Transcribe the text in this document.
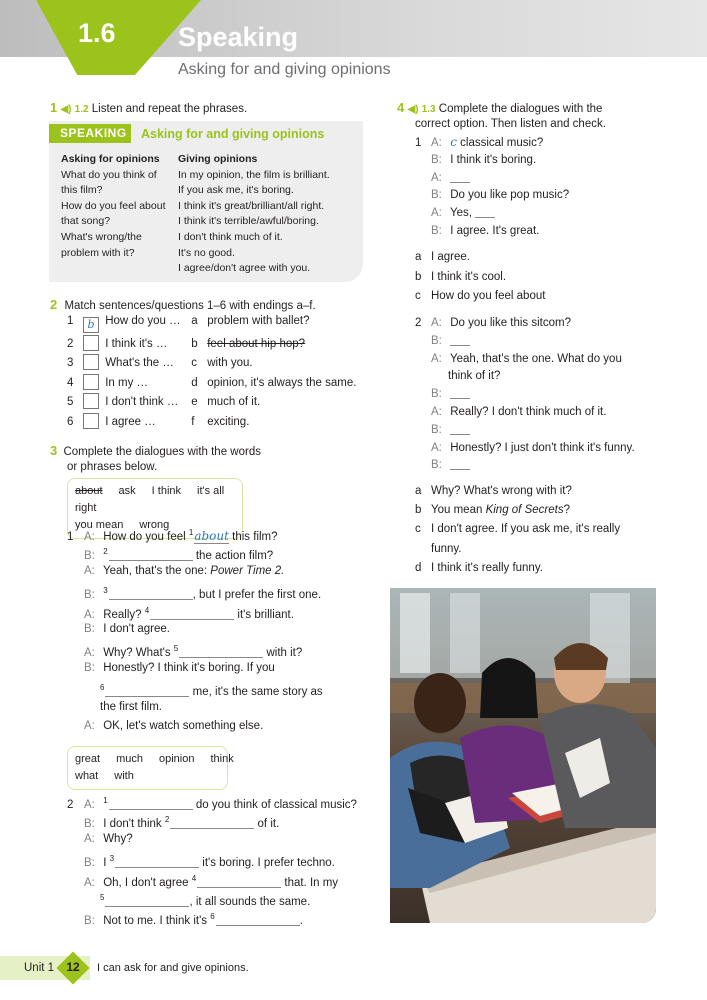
1.6 Speaking
Asking for and giving opinions
1 ◀) 1.2 Listen and repeat the phrases.
SPEAKING	Asking for and giving opinions
Asking for opinions
What do you think of
this film?
How do you feel about
that song?
What's wrong/the
problem with it?
Giving opinions
In my opinion, the film is brilliant.
If you ask me, it's boring.
I think it's great/brilliant/all right.
I think it's terrible/awful/boring.
I don't think much of it.
It's no good.
I agree/don't agree with you.
2 Match sentences/questions 1–6 with endings a–f.
1 b How do you … a problem with ballet?
2	I think it's … b feel about hip hop?
3	What's the … c with you.
4	In my …	d opinion, it's always the same.
5	I don't think … e much of it.
6	I agree …	f exciting.
3 Complete the dialogues with the words
or phrases below.
about ask I think it's all right
you mean wrong
1 A: How do you feel $^1$about this film?
B: $^2$	the action film?
A: Yeah, that's the one: Power Time 2.
B: $^3$	, but I prefer the first one.
A: Really? $^4$	it's brilliant.
B: I don't agree.
A: Why? What's $^5$	with it?
B: Honestly? I think it's boring. If you
$^6$	me, it's the same story as
the first film.
A: OK, let's watch something else.
great much opinion think
what with
2 A: $^1$	do you think of classical music?
B: I don't think $^2$	of it.
A: Why?
B: I $^3$	it's boring. I prefer techno.
A: Oh, I don't agree $^4$	that. In my
$^5$	, it all sounds the same.
B: Not to me. I think it's $^6$	.
4 ◀) 1.3 Complete the dialogues with the
correct option. Then listen and check.
1 A: c classical music?
B: I think it's boring.
A:
B: Do you like pop music?
A: Yes,
B: I agree. It's great.
a I agree.
b I think it's cool.
c How do you feel about
2 A: Do you like this sitcom?
B:
A: Yeah, that's the one. What do you
think of it?
B:
A: Really? I don't think much of it.
B:
A: Honestly? I just don't think it's funny.
B:
a Why? What's wrong with it?
b You mean King of Secrets?
c I don't agree. If you ask me, it's really
funny.
d I think it's really funny.
Unit 1 12	I can ask for and give opinions.
